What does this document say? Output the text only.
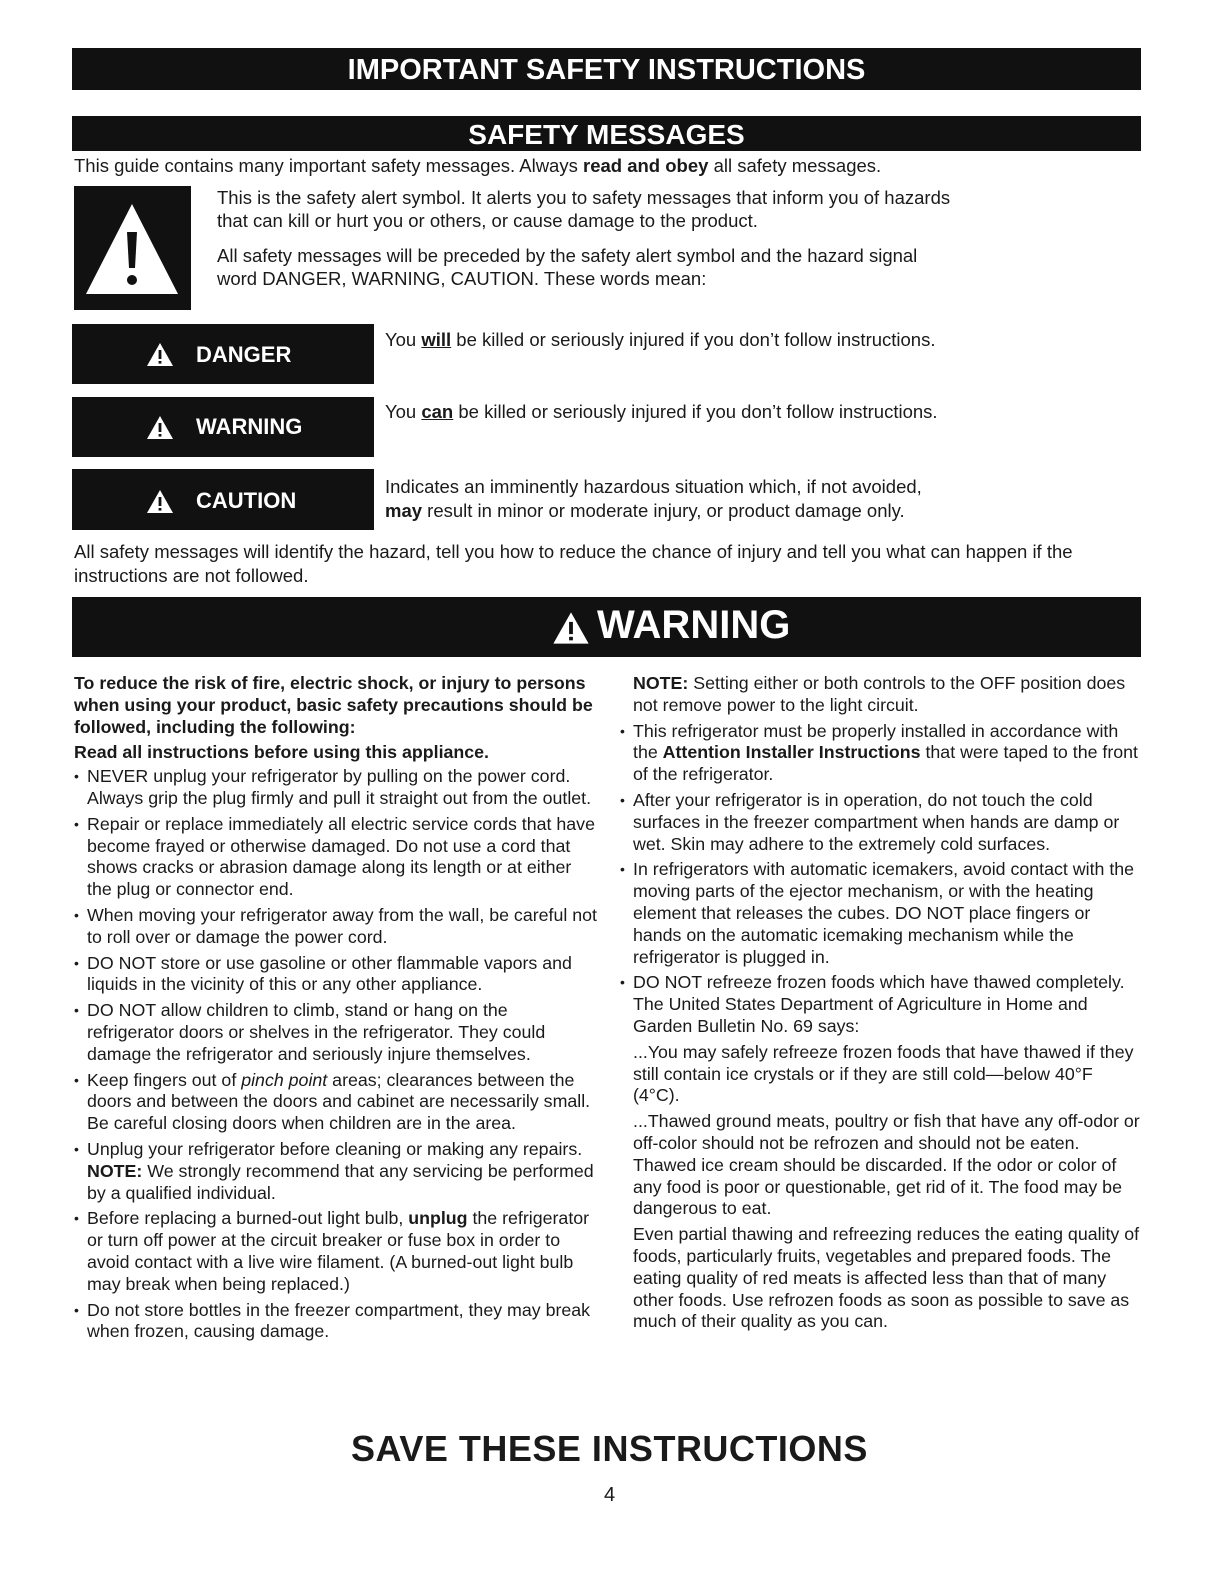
IMPORTANT SAFETY INSTRUCTIONS
SAFETY MESSAGES
This guide contains many important safety messages. Always read and obey all safety messages.
This is the safety alert symbol. It alerts you to safety messages that inform you of hazards that can kill or hurt you or others, or cause damage to the product.
All safety messages will be preceded by the safety alert symbol and the hazard signal word DANGER, WARNING, CAUTION. These words mean:
DANGER
You will be killed or seriously injured if you don’t follow instructions.
WARNING
You can be killed or seriously injured if you don’t follow instructions.
CAUTION
Indicates an imminently hazardous situation which, if not avoided,
may result in minor or moderate injury, or product damage only.
All safety messages will identify the hazard, tell you how to reduce the chance of injury and tell you what can happen if the instructions are not followed.
WARNING

To reduce the risk of fire, electric shock, or injury to persons when using your product, basic safety precautions should be followed, including the following:

Read all instructions before using this appliance.

• NEVER unplug your refrigerator by pulling on the power cord. Always grip the plug firmly and pull it straight out from the outlet.
• Repair or replace immediately all electric service cords that have become frayed or otherwise damaged. Do not use a cord that shows cracks or abrasion damage along its length or at either the plug or connector end.
• When moving your refrigerator away from the wall, be careful not to roll over or damage the power cord.
• DO NOT store or use gasoline or other flammable vapors and liquids in the vicinity of this or any other appliance.
• DO NOT allow children to climb, stand or hang on the refrigerator doors or shelves in the refrigerator. They could damage the refrigerator and seriously injure themselves.
• Keep fingers out of pinch point areas; clearances between the doors and between the doors and cabinet are necessarily small. Be careful closing doors when children are in the area.
• Unplug your refrigerator before cleaning or making any repairs.
NOTE: We strongly recommend that any servicing be performed by a qualified individual.
• Before replacing a burned-out light bulb, unplug the refrigerator or turn off power at the circuit breaker or fuse box in order to avoid contact with a live wire filament. (A burned-out light bulb may break when being replaced.)
• Do not store bottles in the freezer compartment, they may break when frozen, causing damage.

NOTE: Setting either or both controls to the OFF position does not remove power to the light circuit.

• This refrigerator must be properly installed in accordance with the Attention Installer Instructions that were taped to the front of the refrigerator.
• After your refrigerator is in operation, do not touch the cold surfaces in the freezer compartment when hands are damp or wet. Skin may adhere to the extremely cold surfaces.
• In refrigerators with automatic icemakers, avoid contact with the moving parts of the ejector mechanism, or with the heating element that releases the cubes. DO NOT place fingers or hands on the automatic icemaking mechanism while the refrigerator is plugged in.
• DO NOT refreeze frozen foods which have thawed completely. The United States Department of Agriculture in Home and Garden Bulletin No. 69 says:

...You may safely refreeze frozen foods that have thawed if they still contain ice crystals or if they are still cold—below 40°F (4°C).

...Thawed ground meats, poultry or fish that have any off-odor or off-color should not be refrozen and should not be eaten. Thawed ice cream should be discarded. If the odor or color of any food is poor or questionable, get rid of it. The food may be dangerous to eat.

Even partial thawing and refreezing reduces the eating quality of foods, particularly fruits, vegetables and prepared foods. The eating quality of red meats is affected less than that of many other foods. Use refrozen foods as soon as possible to save as much of their quality as you can.

SAVE THESE INSTRUCTIONS
4
